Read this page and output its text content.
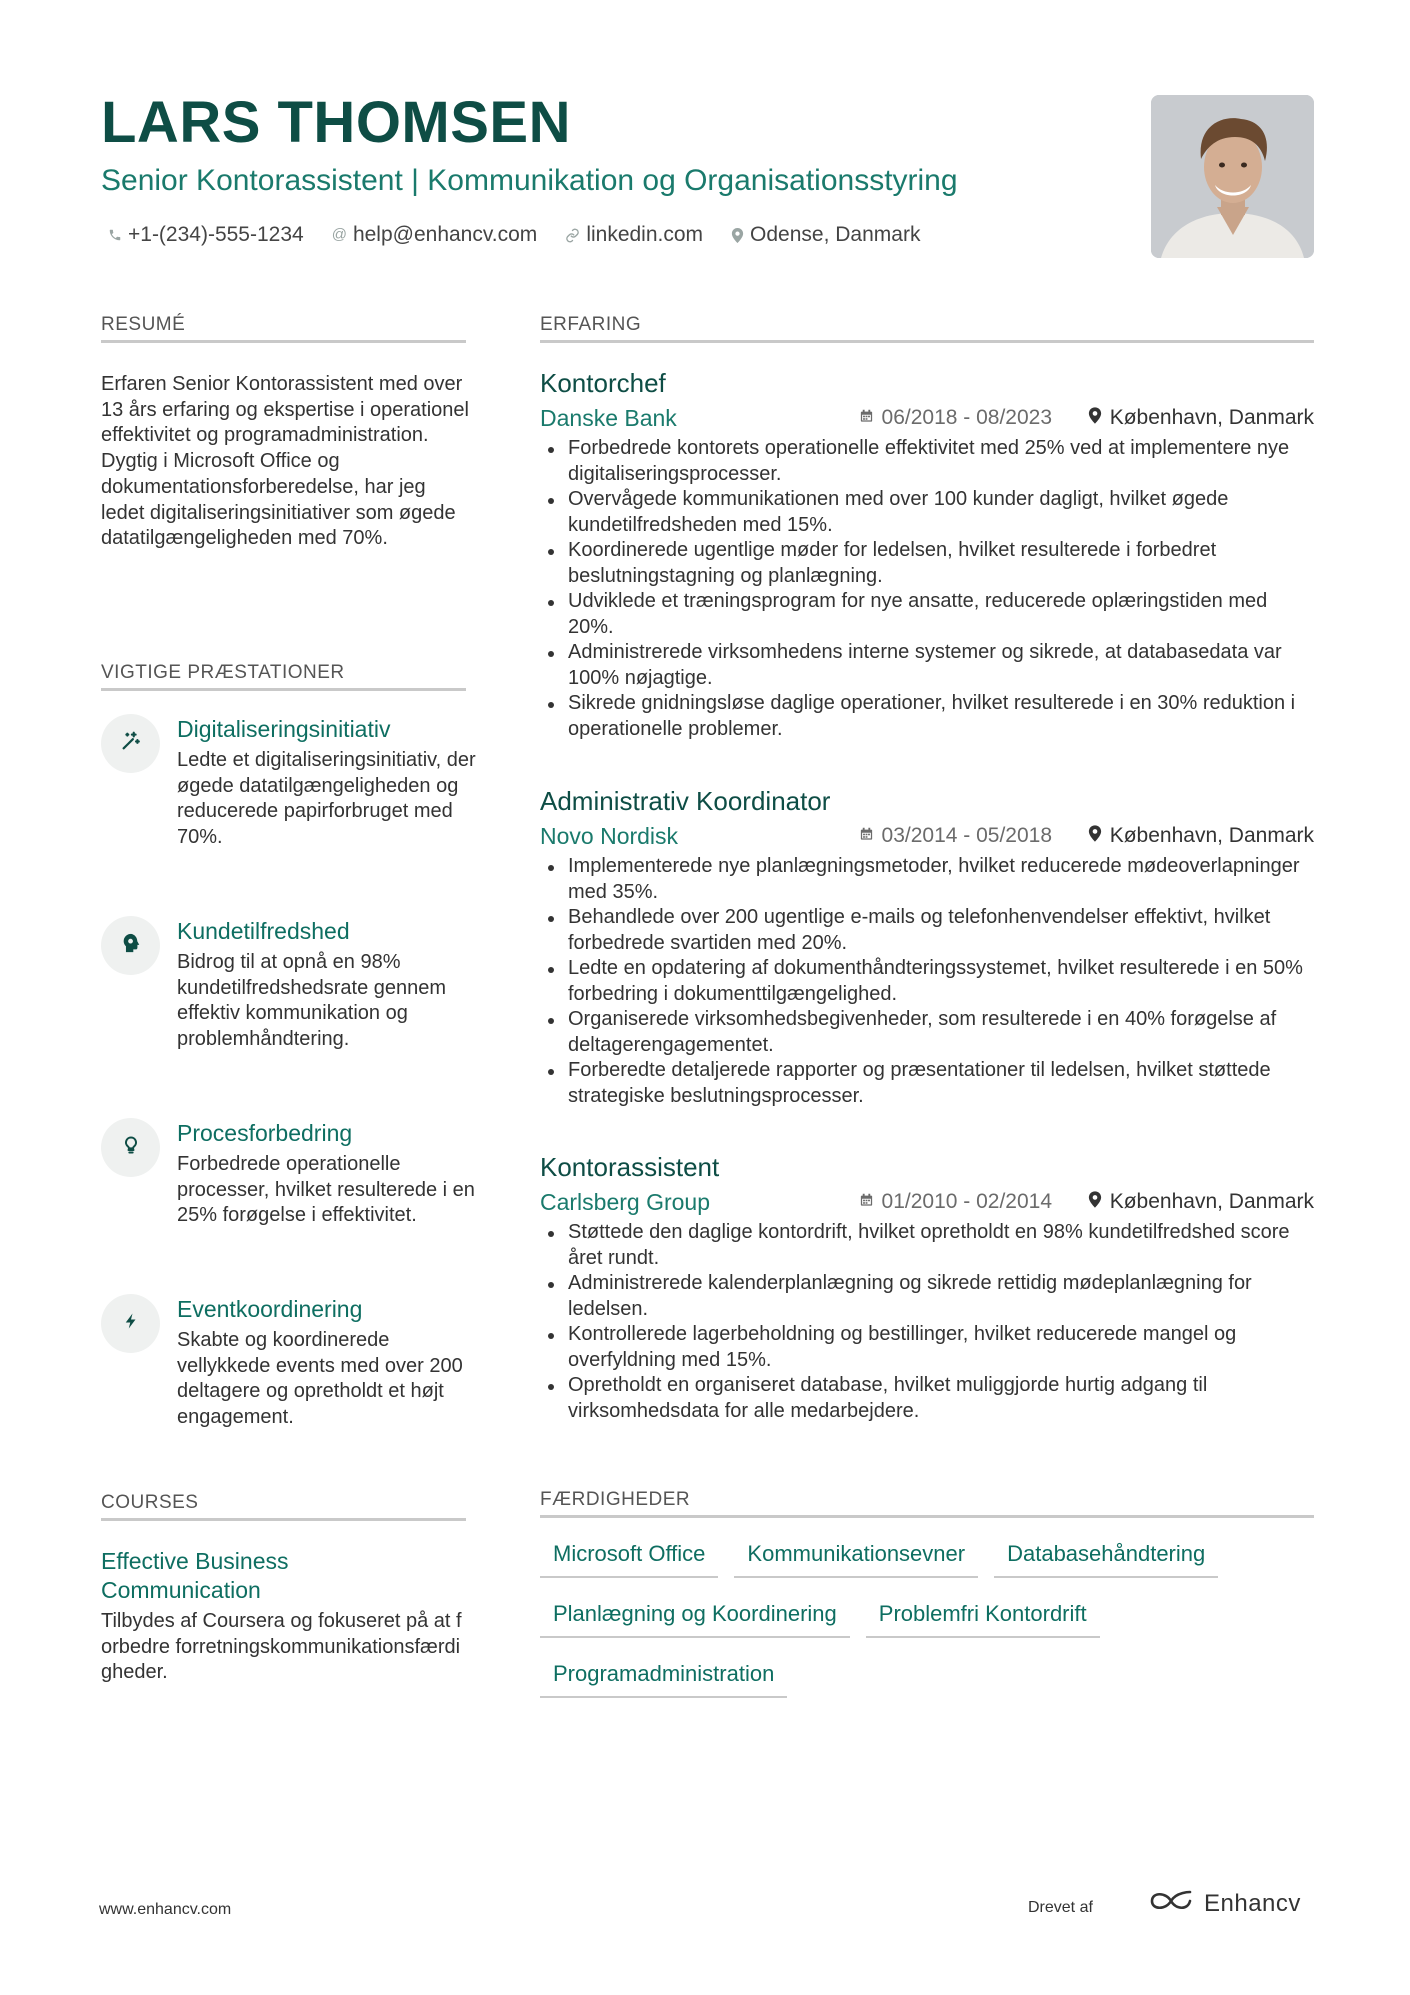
LARS THOMSEN
Senior Kontorassistent | Kommunikation og Organisationsstyring
+1-(234)-555-1234 @ help@enhancv.com linkedin.com Odense, Danmark
RESUMÉ
Erfaren Senior Kontorassistent med over 13 års erfaring og ekspertise i operationel effektivitet og programadministration. Dygtig i Microsoft Office og dokumentationsforberedelse, har jeg ledet digitaliseringsinitiativer som øgede datatilgængeligheden med 70%.
VIGTIGE PRÆSTATIONER
Digitaliseringsinitiativ
Ledte et digitaliseringsinitiativ, der øgede datatilgængeligheden og reducerede papirforbruget med 70%.
Kundetilfredshed
Bidrog til at opnå en 98% kundetilfredshedsrate gennem effektiv kommunikation og problemhåndtering.
Procesforbedring
Forbedrede operationelle processer, hvilket resulterede i en 25% forøgelse i effektivitet.
Eventkoordinering
Skabte og koordinerede vellykkede events med over 200 deltagere og opretholdt et højt engagement.
COURSES
Effective Business Communication
Tilbydes af Coursera og fokuseret på at forbedre forretningskommunikationsfærdigheder.
ERFARING
Kontorchef
Danske Bank	06/2018 - 08/2023	København, Danmark
Forbedrede kontorets operationelle effektivitet med 25% ved at implementere nye digitaliseringsprocesser.
Overvågede kommunikationen med over 100 kunder dagligt, hvilket øgede kundetilfredsheden med 15%.
Koordinerede ugentlige møder for ledelsen, hvilket resulterede i forbedret beslutningstagning og planlægning.
Udviklede et træningsprogram for nye ansatte, reducerede oplæringstiden med 20%.
Administrerede virksomhedens interne systemer og sikrede, at databasedata var 100% nøjagtige.
Sikrede gnidningsløse daglige operationer, hvilket resulterede i en 30% reduktion i operationelle problemer.
Administrativ Koordinator
Novo Nordisk	03/2014 - 05/2018	København, Danmark
Implementerede nye planlægningsmetoder, hvilket reducerede mødeoverlapninger med 35%.
Behandlede over 200 ugentlige e-mails og telefonhenvendelser effektivt, hvilket forbedrede svartiden med 20%.
Ledte en opdatering af dokumenthåndteringssystemet, hvilket resulterede i en 50% forbedring i dokumenttilgængelighed.
Organiserede virksomhedsbegivenheder, som resulterede i en 40% forøgelse af deltagerengagementet.
Forberedte detaljerede rapporter og præsentationer til ledelsen, hvilket støttede strategiske beslutningsprocesser.
Kontorassistent
Carlsberg Group	01/2010 - 02/2014	København, Danmark
Støttede den daglige kontordrift, hvilket opretholdt en 98% kundetilfredshed score året rundt.
Administrerede kalenderplanlægning og sikrede rettidig mødeplanlægning for ledelsen.
Kontrollerede lagerbeholdning og bestillinger, hvilket reducerede mangel og overfyldning med 15%.
Opretholdt en organiseret database, hvilket muliggjorde hurtig adgang til virksomhedsdata for alle medarbejdere.
FÆRDIGHEDER
Microsoft Office	Kommunikationsevner	Databasehåndtering
Planlægning og Koordinering	Problemfri Kontordrift
Programadministration
www.enhancv.com	Drevet af	Enhancv
